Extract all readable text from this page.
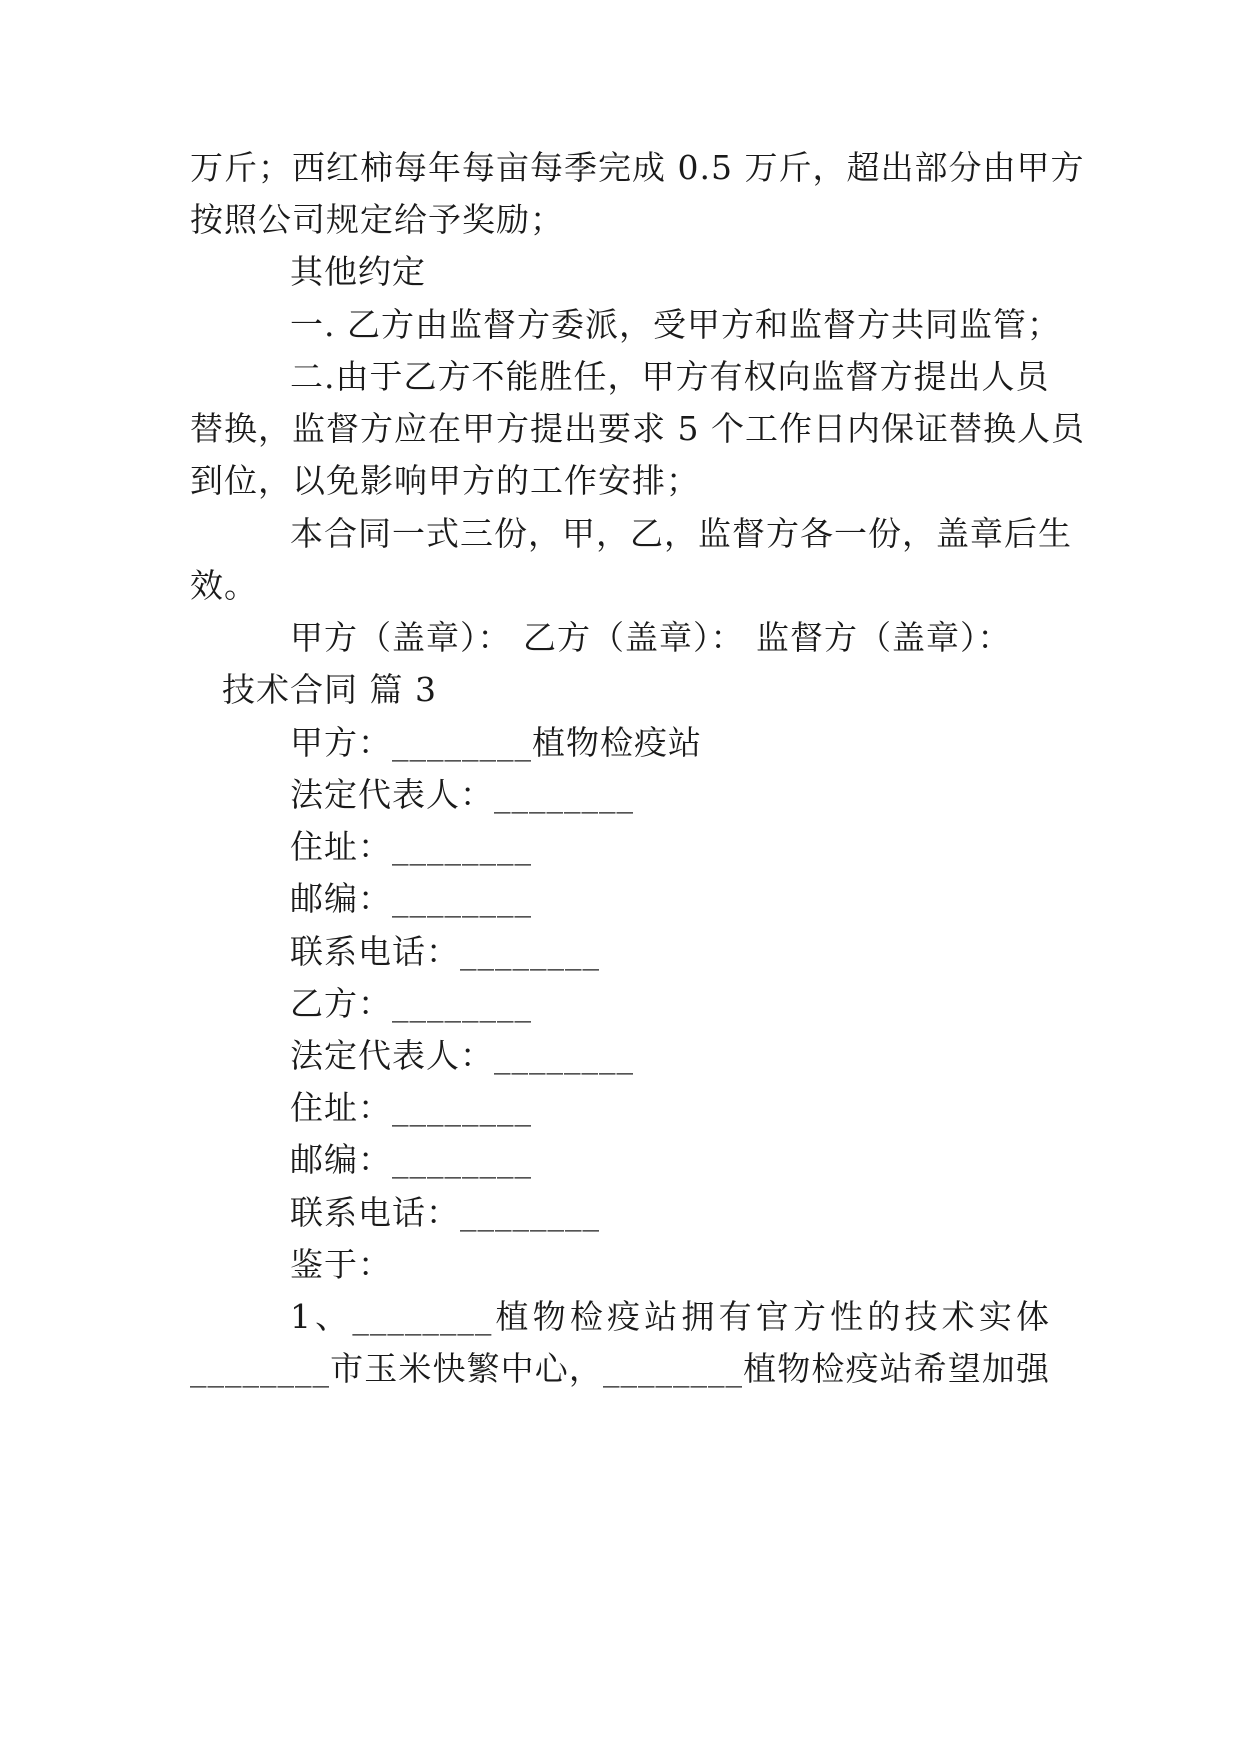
万斤；西红柿每年每亩每季完成 0.5 万斤，超出部分由甲方
按照公司规定给予奖励；
其他约定
一. 乙方由监督方委派，受甲方和监督方共同监管；
二.由于乙方不能胜任，甲方有权向监督方提出人员
替换，监督方应在甲方提出要求 5 个工作日内保证替换人员
到位，以免影响甲方的工作安排；
本合同一式三份，甲，乙，监督方各一份，盖章后生
效。
甲方（盖章）： 乙方（盖章）： 监督方（盖章）：
技术合同 篇 3
甲方：________植物检疫站
法定代表人：________
住址：________
邮编：________
联系电话：________
乙方：________
法定代表人：________
住址：________
邮编：________
联系电话：________
鉴于：
1、________植物检疫站拥有官方性的技术实体
________市玉米快繁中心，________植物检疫站希望加强
